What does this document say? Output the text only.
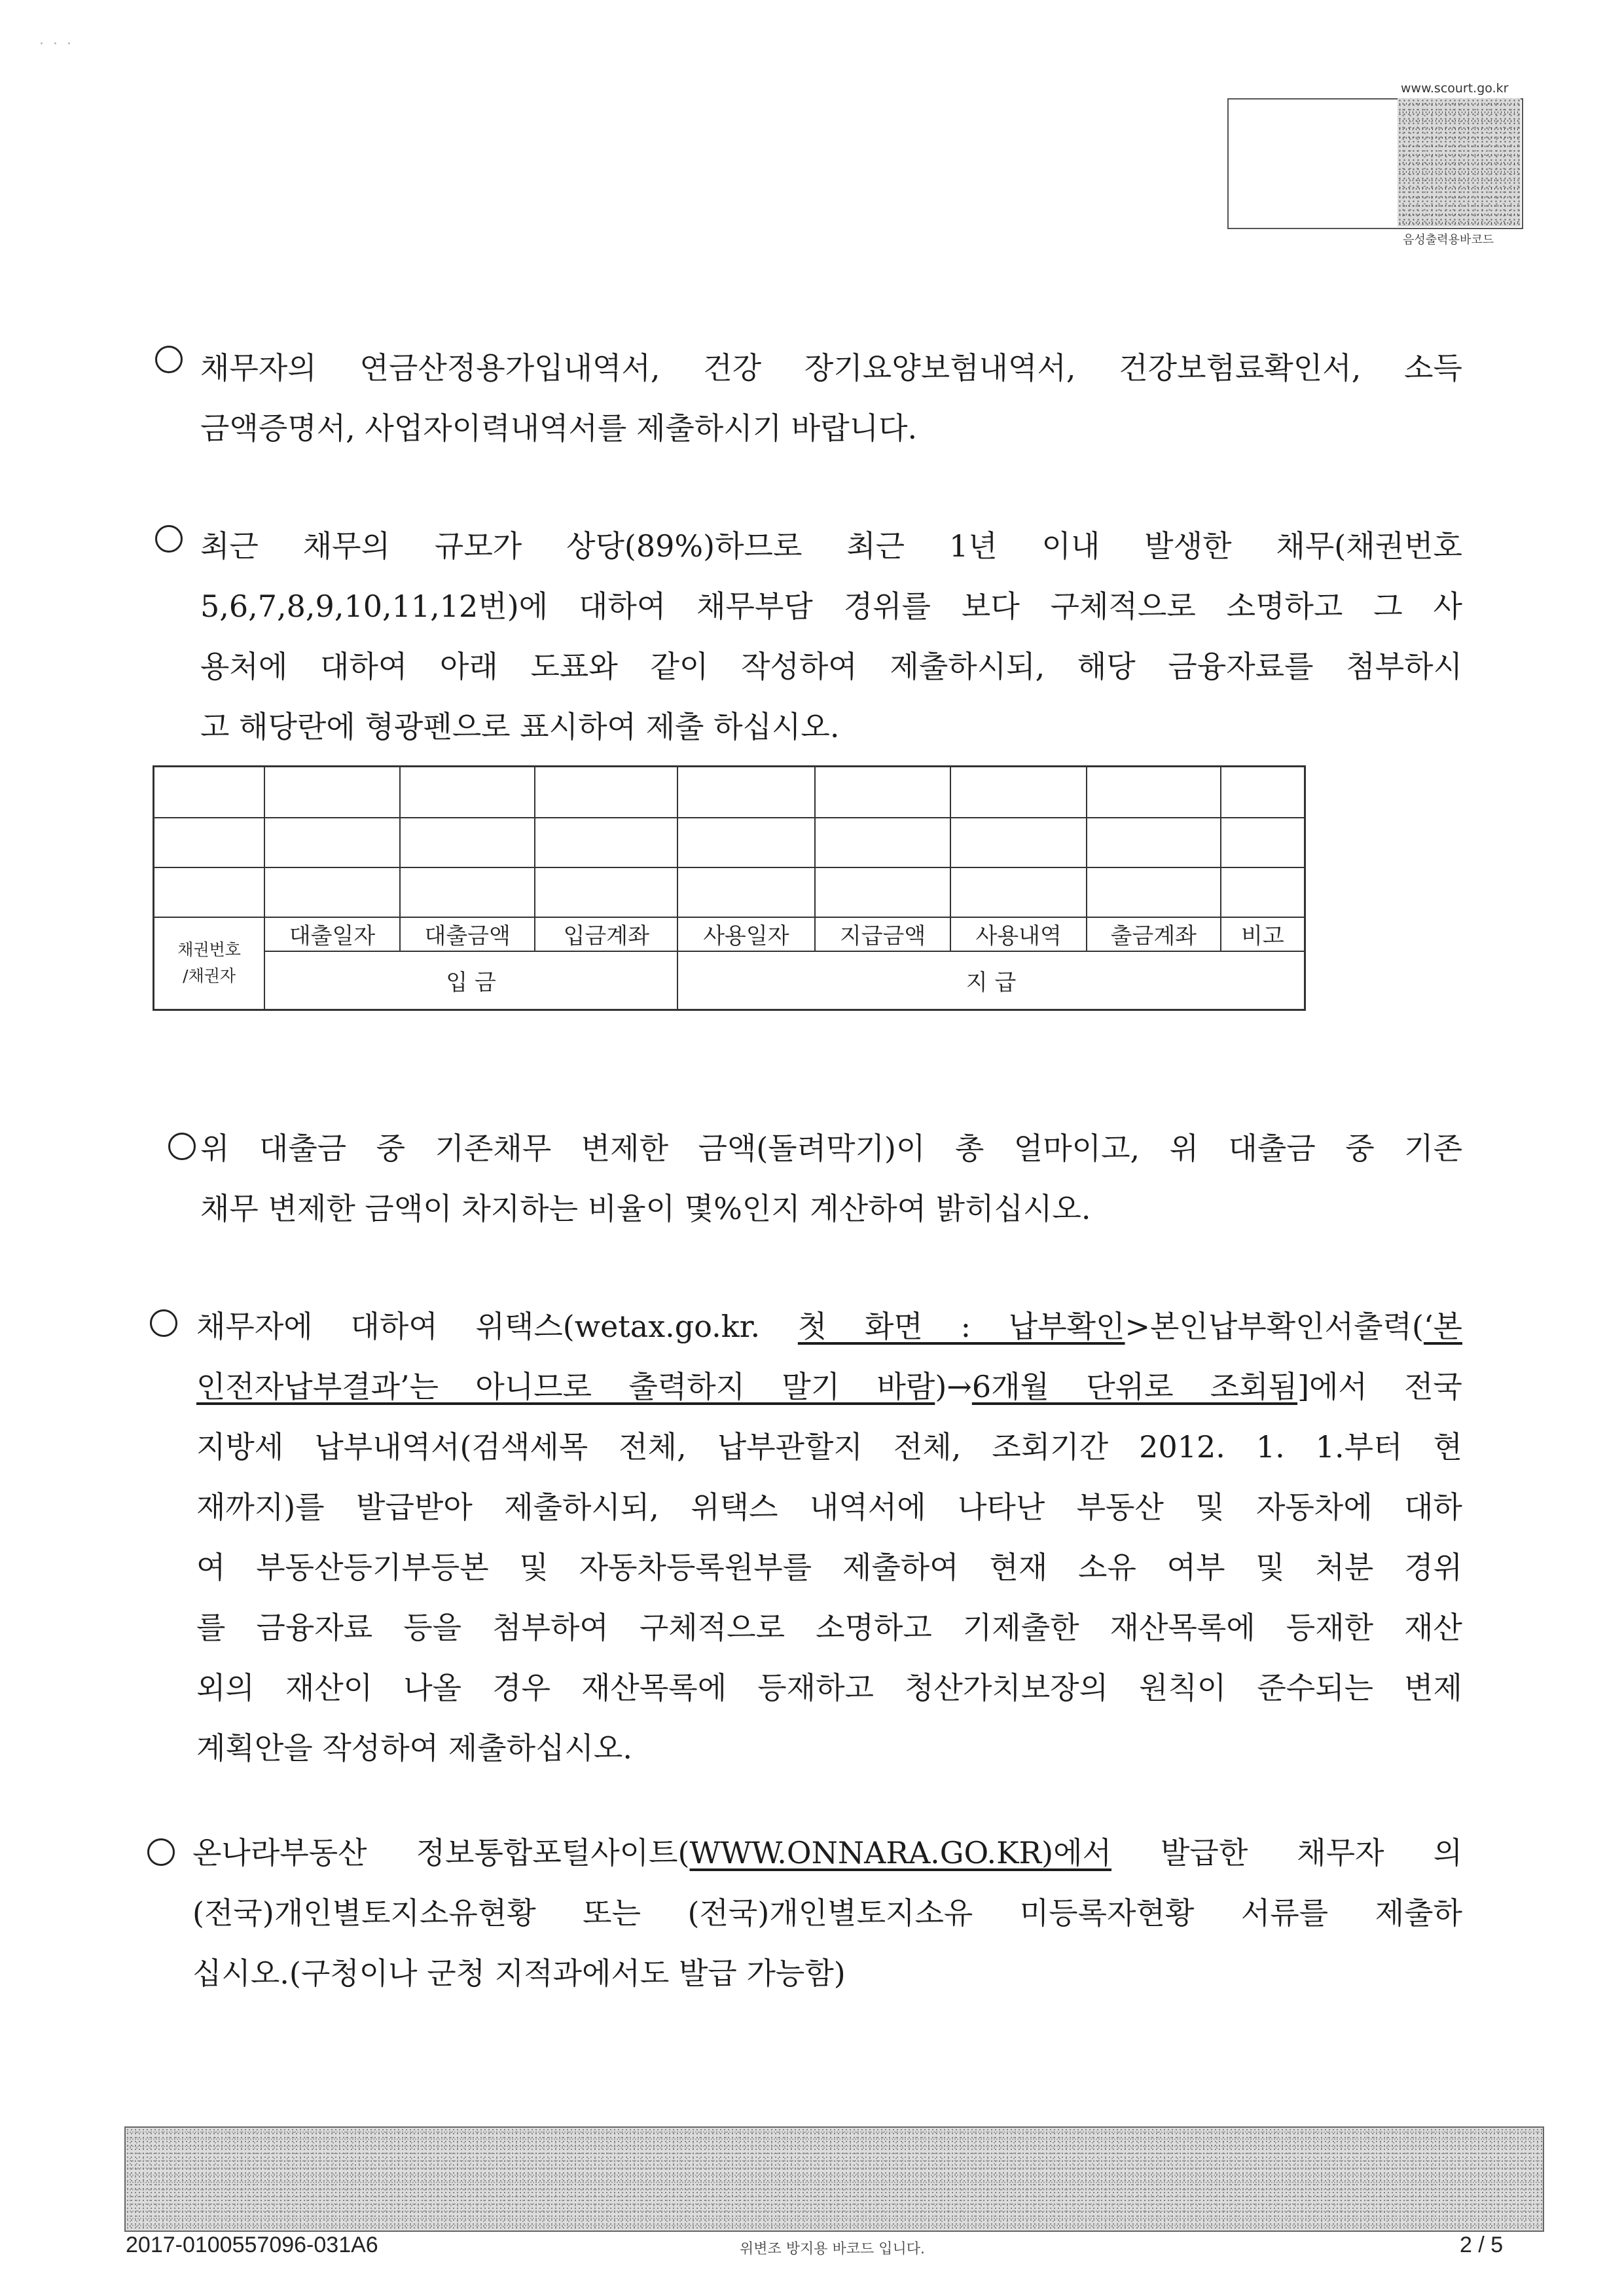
·  ·  ·
www.scourt.go.kr
음성출력용바코드
채무자의 연금산정용가입내역서, 건강 장기요양보험내역서, 건강보험료확인서, 소득
금액증명서, 사업자이력내역서를 제출하시기 바랍니다.
최근 채무의 규모가 상당(89%)하므로 최근 1년 이내 발생한 채무(채권번호
5,6,7,8,9,10,11,12번)에 대하여 채무부담 경위를 보다 구체적으로 소명하고 그 사
용처에 대하여 아래 도표와 같이 작성하여 제출하시되, 해당 금융자료를 첨부하시
고 해당란에 형광펜으로 표시하여 제출 하십시오.

채권번호
/채권자	대출일자	대출금액	입금계좌	사용일자	지급금액	사용내역	출금계좌	비고
	입 금			지 급				
위 대출금 중 기존채무 변제한 금액(돌려막기)이 총 얼마이고, 위 대출금 중 기존
채무 변제한 금액이 차지하는 비율이 몇%인지 계산하여 밝히십시오.
채무자에 대하여 위택스(wetax.go.kr. 첫 화면 : 납부확인>본인납부확인서출력(‘본
인전자납부결과’는 아니므로 출력하지 말기 바람)→6개월 단위로 조회됨]에서 전국
지방세 납부내역서(검색세목 전체, 납부관할지 전체, 조회기간 2012. 1. 1.부터 현
재까지)를 발급받아 제출하시되, 위택스 내역서에 나타난 부동산 및 자동차에 대하
여 부동산등기부등본 및 자동차등록원부를 제출하여 현재 소유 여부 및 처분 경위
를 금융자료 등을 첨부하여 구체적으로 소명하고 기제출한 재산목록에 등재한 재산
외의 재산이 나올 경우 재산목록에 등재하고 청산가치보장의 원칙이 준수되는 변제
계획안을 작성하여 제출하십시오.
온나라부동산 정보통합포털사이트(WWW.ONNARA.GO.KR)에서 발급한 채무자 의
(전국)개인별토지소유현황 또는 (전국)개인별토지소유 미등록자현황 서류를 제출하
십시오.(구청이나 군청 지적과에서도 발급 가능함)
2017-0100557096-031A6	위변조 방지용 바코드 입니다.	2 / 5
